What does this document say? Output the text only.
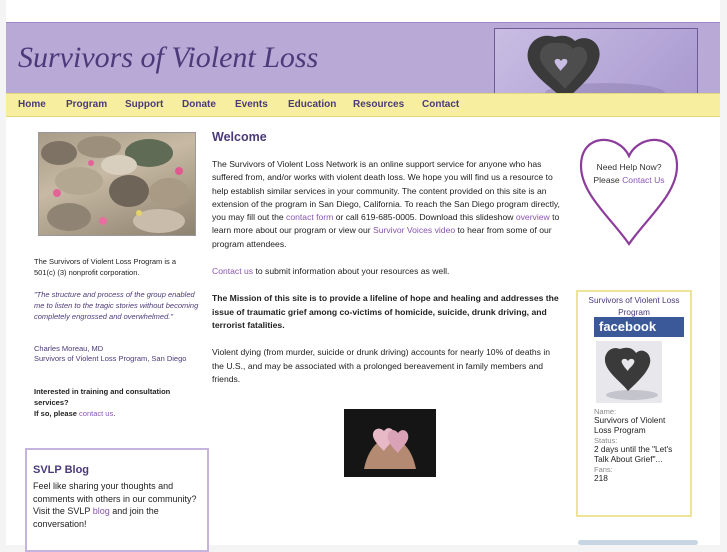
Survivors of Violent Loss
Home Program Support Donate Events Education Resources Contact
The Survivors of Violent Loss Program is a 501(c) (3) nonprofit corporation.
"The structure and process of the group enabled me to listen to the tragic stories without becoming completely engrossed and overwhelmed."
Charles Moreau, MD
Survivors of Violent Loss Program, San Diego
Interested in training and consultation services?
If so, please contact us.
SVLP Blog

Feel like sharing your thoughts and comments with others in our community? Visit the SVLP blog and join the conversation!

Welcome

The Survivors of Violent Loss Network is an online support service for anyone who has suffered from, and/or works with violent death loss. We hope you will find us a resource to help establish similar services in your community. The content provided on this site is an extension of the program in San Diego, California. To reach the San Diego program directly, you may fill out the contact form or call 619-685-0005. Download this slideshow overview to learn more about our program or view our Survivor Voices video to hear from some of our program attendees.

Contact us to submit information about your resources as well.

The Mission of this site is to provide a lifeline of hope and healing and addresses the issue of traumatic grief among co-victims of homicide, suicide, drunk driving, and terrorist fatalities.

Violent dying (from murder, suicide or drunk driving) accounts for nearly 10% of deaths in the U.S., and may be associated with a prolonged bereavement in family members and friends.

Need Help Now?
Please Contact Us
Survivors of Violent Loss Program
facebook
Name:
Survivors of Violent Loss Program
Status:
2 days until the "Let's Talk About Grief"...
Fans:
218
